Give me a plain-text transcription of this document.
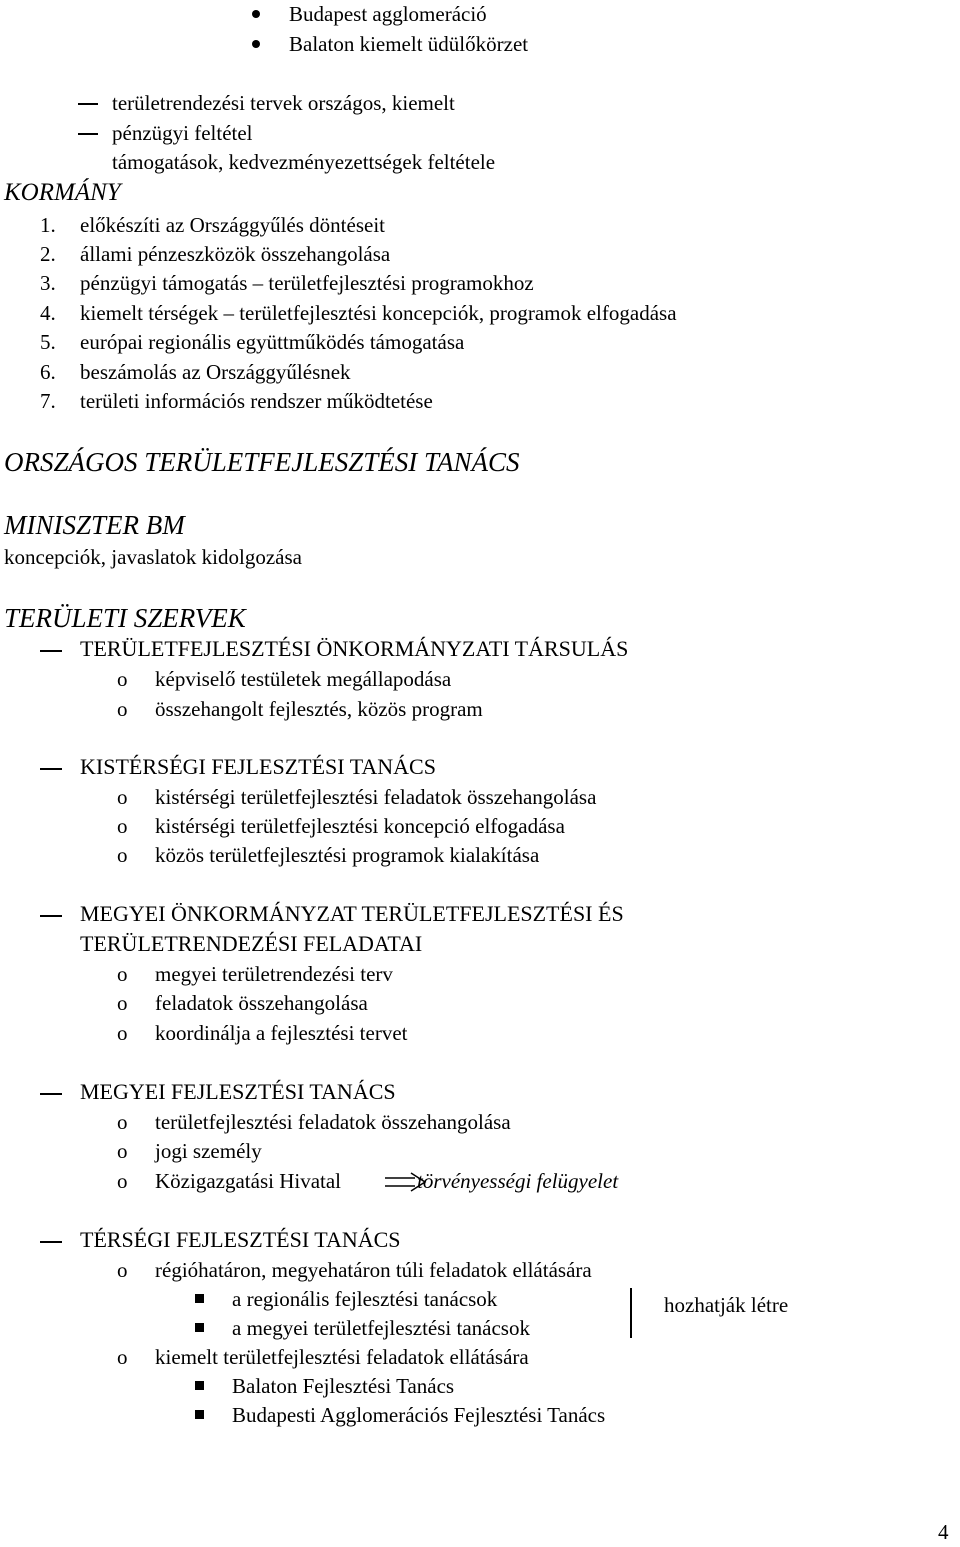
Budapest agglomeráció
Balaton kiemelt üdülőkörzet
területrendezési tervek országos, kiemelt
pénzügyi feltétel
támogatások, kedvezményezettségek feltétele
KORMÁNY
1. előkészíti az Országgyűlés döntéseit
2. állami pénzeszközök összehangolása
3. pénzügyi támogatás – területfejlesztési programokhoz
4. kiemelt térségek – területfejlesztési koncepciók, programok elfogadása
5. európai regionális együttműködés támogatása
6. beszámolás az Országgyűlésnek
7. területi információs rendszer működtetése
ORSZÁGOS TERÜLETFEJLESZTÉSI TANÁCS
MINISZTER BM
koncepciók, javaslatok kidolgozása
TERÜLETI SZERVEK
TERÜLETFEJLESZTÉSI ÖNKORMÁNYZATI TÁRSULÁS
o képviselő testületek megállapodása
o összehangolt fejlesztés, közös program
KISTÉRSÉGI FEJLESZTÉSI TANÁCS
o kistérségi területfejlesztési feladatok összehangolása
o kistérségi területfejlesztési koncepció elfogadása
o közös területfejlesztési programok kialakítása
MEGYEI ÖNKORMÁNYZAT TERÜLETFEJLESZTÉSI ÉS
TERÜLETRENDEZÉSI FELADATAI
o megyei területrendezési terv
o feladatok összehangolása
o koordinálja a fejlesztési tervet
MEGYEI FEJLESZTÉSI TANÁCS
o területfejlesztési feladatok összehangolása
o jogi személy
o Közigazgatási Hivatal	törvényességi felügyelet
TÉRSÉGI FEJLESZTÉSI TANÁCS
o régióhatáron, megyehatáron túli feladatok ellátására
a regionális fejlesztési tanácsok
a megyei területfejlesztési tanácsok
hozhatják létre
o kiemelt területfejlesztési feladatok ellátására
Balaton Fejlesztési Tanács
Budapesti Agglomerációs Fejlesztési Tanács
4
